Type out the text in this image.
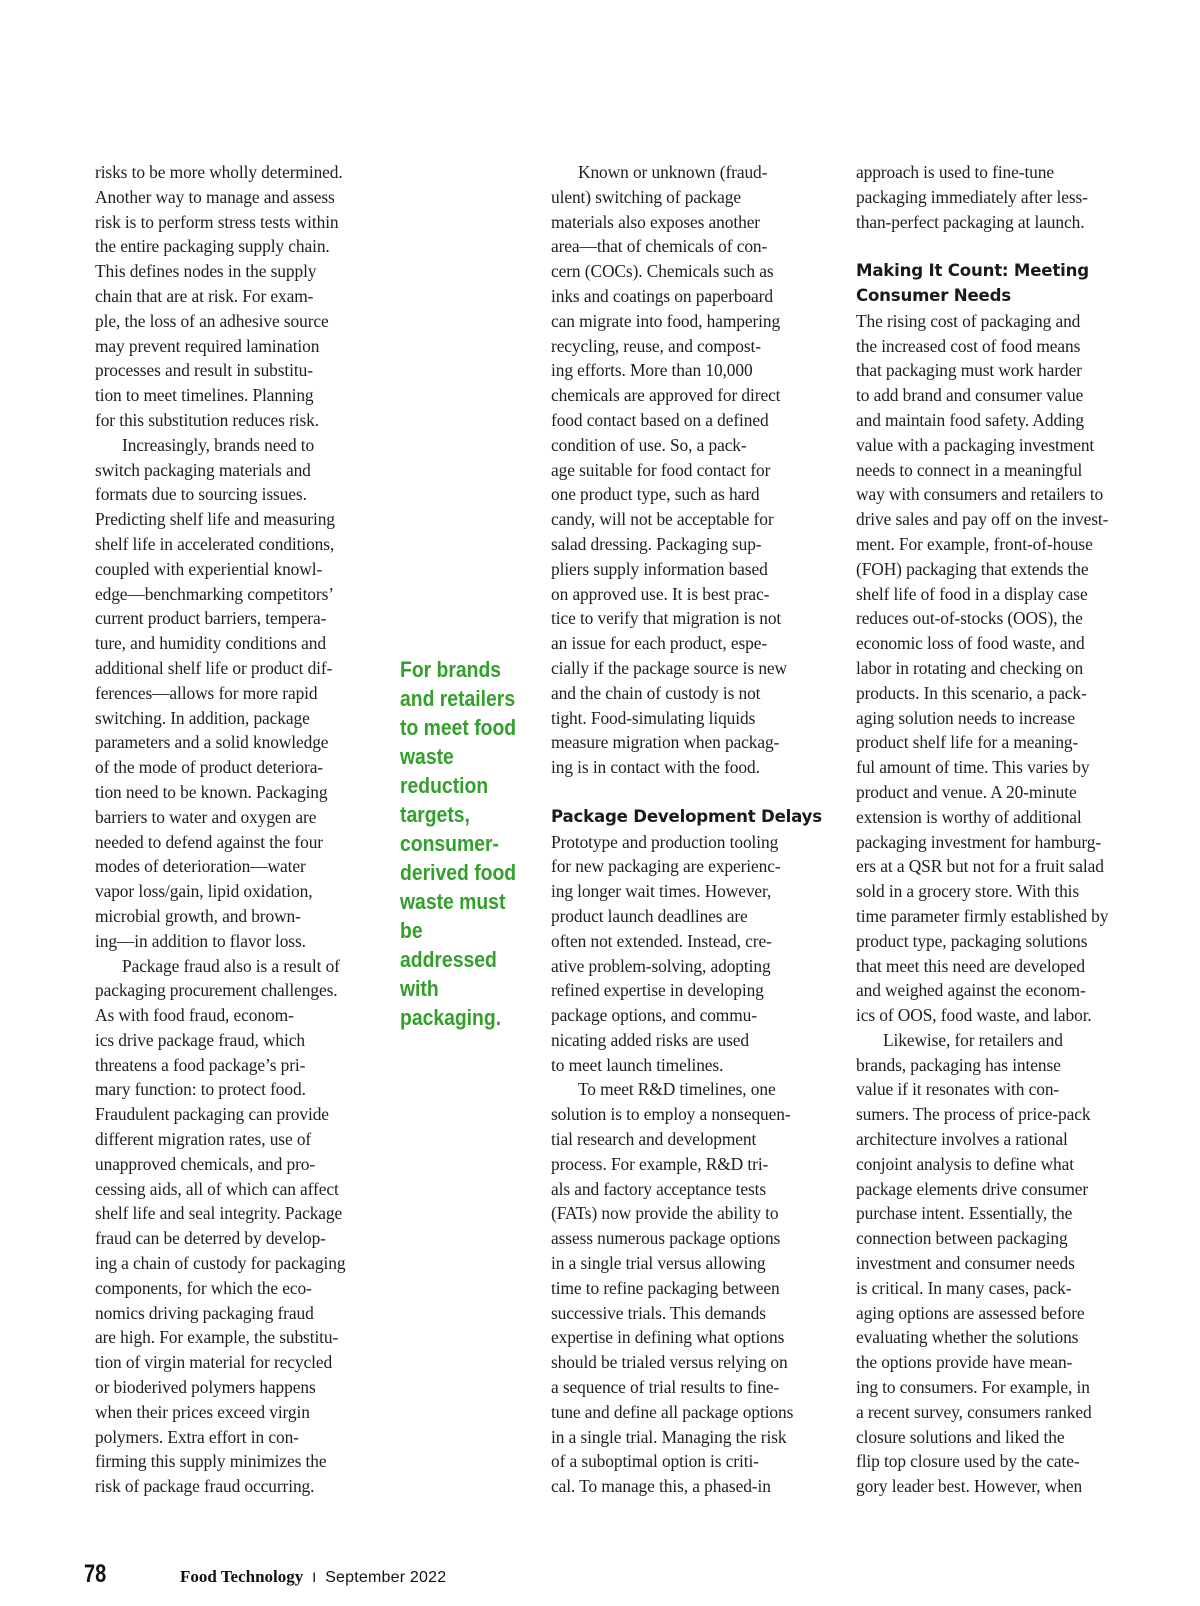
risks to be more wholly determined.
Another way to manage and assess
risk is to perform stress tests within
the entire packaging supply chain.
This defines nodes in the supply
chain that are at risk. For exam-
ple, the loss of an adhesive source
may prevent required lamination
processes and result in substitu-
tion to meet timelines. Planning
for this substitution reduces risk.

Increasingly, brands need to
switch packaging materials and
formats due to sourcing issues.
Predicting shelf life and measuring
shelf life in accelerated conditions,
coupled with experiential knowl-
edge—benchmarking competitors’
current product barriers, tempera-
ture, and humidity conditions and
additional shelf life or product dif-
ferences—allows for more rapid
switching. In addition, package
parameters and a solid knowledge
of the mode of product deteriora-
tion need to be known. Packaging
barriers to water and oxygen are
needed to defend against the four
modes of deterioration—water
vapor loss/gain, lipid oxidation,
microbial growth, and brown-
ing—in addition to flavor loss.

Package fraud also is a result of
packaging procurement challenges.
As with food fraud, econom-
ics drive package fraud, which
threatens a food package’s pri-
mary function: to protect food.
Fraudulent packaging can provide
different migration rates, use of
unapproved chemicals, and pro-
cessing aids, all of which can affect
shelf life and seal integrity. Package
fraud can be deterred by develop-
ing a chain of custody for packaging
components, for which the eco-
nomics driving packaging fraud
are high. For example, the substitu-
tion of virgin material for recycled
or bioderived polymers happens
when their prices exceed virgin
polymers. Extra effort in con-
firming this supply minimizes the
risk of package fraud occurring.

For brands
and retailers
to meet food
waste
reduction
targets,
consumer-
derived food
waste must
be addressed
with
packaging.

Known or unknown (fraud-
ulent) switching of package
materials also exposes another
area—that of chemicals of con-
cern (COCs). Chemicals such as
inks and coatings on paperboard
can migrate into food, hampering
recycling, reuse, and compost-
ing efforts. More than 10,000
chemicals are approved for direct
food contact based on a defined
condition of use. So, a pack-
age suitable for food contact for
one product type, such as hard
candy, will not be acceptable for
salad dressing. Packaging sup-
pliers supply information based
on approved use. It is best prac-
tice to verify that migration is not
an issue for each product, espe-
cially if the package source is new
and the chain of custody is not
tight. Food-simulating liquids
measure migration when packag-
ing is in contact with the food.

Package Development Delays

Prototype and production tooling
for new packaging are experienc-
ing longer wait times. However,
product launch deadlines are
often not extended. Instead, cre-
ative problem-solving, adopting
refined expertise in developing
package options, and commu-
nicating added risks are used
to meet launch timelines.

To meet R&D timelines, one
solution is to employ a nonsequen-
tial research and development
process. For example, R&D tri-
als and factory acceptance tests
(FATs) now provide the ability to
assess numerous package options
in a single trial versus allowing
time to refine packaging between
successive trials. This demands
expertise in defining what options
should be trialed versus relying on
a sequence of trial results to fine-
tune and define all package options
in a single trial. Managing the risk
of a suboptimal option is criti-
cal. To manage this, a phased-in

approach is used to fine-tune
packaging immediately after less-
than-perfect packaging at launch.

Making It Count: Meeting
Consumer Needs

The rising cost of packaging and
the increased cost of food means
that packaging must work harder
to add brand and consumer value
and maintain food safety. Adding
value with a packaging investment
needs to connect in a meaningful
way with consumers and retailers to
drive sales and pay off on the invest-
ment. For example, front-of-house
(FOH) packaging that extends the
shelf life of food in a display case
reduces out-of-stocks (OOS), the
economic loss of food waste, and
labor in rotating and checking on
products. In this scenario, a pack-
aging solution needs to increase
product shelf life for a meaning-
ful amount of time. This varies by
product and venue. A 20-minute
extension is worthy of additional
packaging investment for hamburg-
ers at a QSR but not for a fruit salad
sold in a grocery store. With this
time parameter firmly established by
product type, packaging solutions
that meet this need are developed
and weighed against the econom-
ics of OOS, food waste, and labor.

Likewise, for retailers and
brands, packaging has intense
value if it resonates with con-
sumers. The process of price-pack
architecture involves a rational
conjoint analysis to define what
package elements drive consumer
purchase intent. Essentially, the
connection between packaging
investment and consumer needs
is critical. In many cases, pack-
aging options are assessed before
evaluating whether the solutions
the options provide have mean-
ing to consumers. For example, in
a recent survey, consumers ranked
closure solutions and liked the
flip top closure used by the cate-
gory leader best. However, when

78	Food Technology I September 2022
